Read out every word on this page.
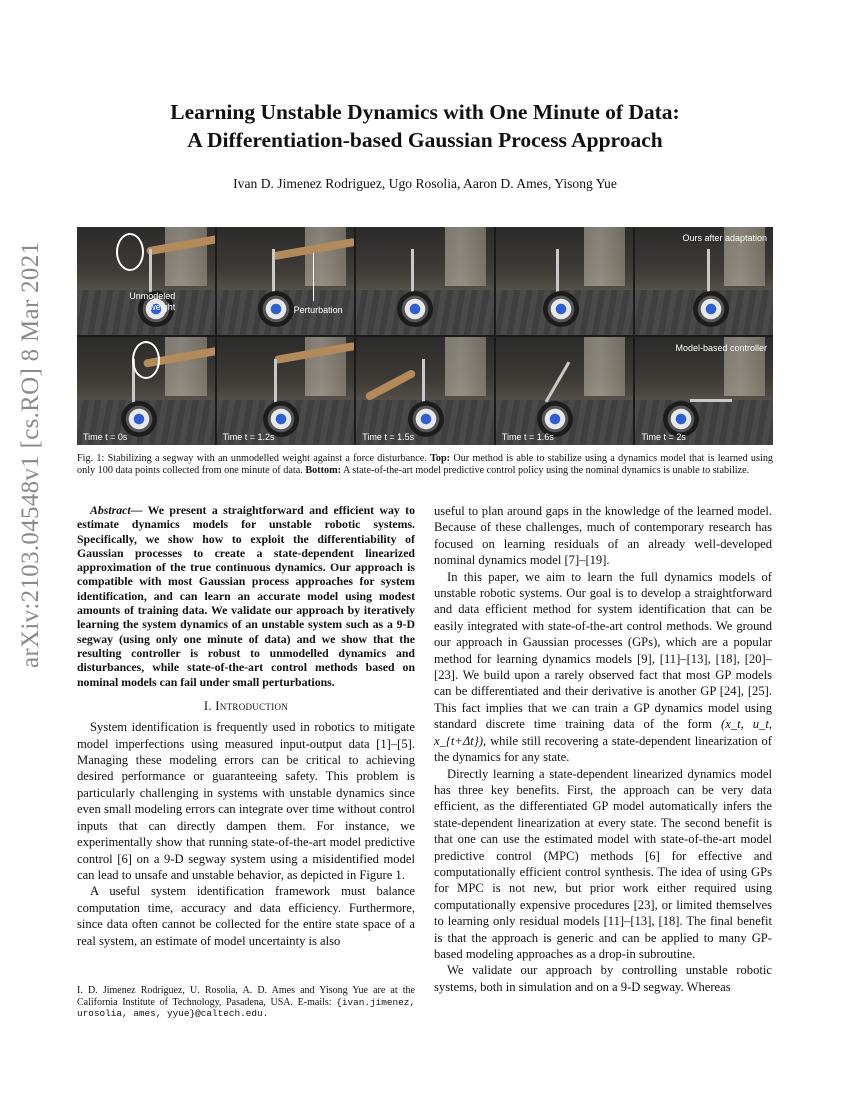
arXiv:2103.04548v1 [cs.RO] 8 Mar 2021
Learning Unstable Dynamics with One Minute of Data:
A Differentiation-based Gaussian Process Approach
Ivan D. Jimenez Rodriguez, Ugo Rosolia, Aaron D. Ames, Yisong Yue
Unmodeled
weight	Perturbation
Ours after adaptation
Time t = 0s	Time t = 1.2s	Time t = 1.5s	Time t = 1.6s
Model-based controller
Time t = 2s
Fig. 1: Stabilizing a segway with an unmodelled weight against a force disturbance. Top: Our method is able to stabilize using a dynamics model that is learned using only 100 data points collected from one minute of data. Bottom: A state-of-the-art model predictive control policy using the nominal dynamics is unable to stabilize.

Abstract— We present a straightforward and efficient way to estimate dynamics models for unstable robotic systems. Specifically, we show how to exploit the differentiability of Gaussian processes to create a state-dependent linearized approximation of the true continuous dynamics. Our approach is compatible with most Gaussian process approaches for system identification, and can learn an accurate model using modest amounts of training data. We validate our approach by iteratively learning the system dynamics of an unstable system such as a 9-D segway (using only one minute of data) and we show that the resulting controller is robust to unmodelled dynamics and disturbances, while state-of-the-art control methods based on nominal models can fail under small perturbations.

I. Introduction

System identification is frequently used in robotics to mitigate model imperfections using measured input-output data [1]–[5]. Managing these modeling errors can be critical to achieving desired performance or guaranteeing safety. This problem is particularly challenging in systems with unstable dynamics since even small modeling errors can integrate over time without control inputs that can directly dampen them. For instance, we experimentally show that running state-of-the-art model predictive control [6] on a 9-D segway system using a misidentified model can lead to unsafe and unstable behavior, as depicted in Figure 1.

A useful system identification framework must balance computation time, accuracy and data efficiency. Furthermore, since data often cannot be collected for the entire state space of a real system, an estimate of model uncertainty is also

I. D. Jimenez Rodriguez, U. Rosolia, A. D. Ames and Yisong Yue are at the California Institute of Technology, Pasadena, USA. E-mails: {ivan.jimenez, urosolia, ames, yyue}@caltech.edu.

useful to plan around gaps in the knowledge of the learned model. Because of these challenges, much of contemporary research has focused on learning residuals of an already well-developed nominal dynamics model [7]–[19].

In this paper, we aim to learn the full dynamics models of unstable robotic systems. Our goal is to develop a straightforward and data efficient method for system identification that can be easily integrated with state-of-the-art control methods. We ground our approach in Gaussian processes (GPs), which are a popular method for learning dynamics models [9], [11]–[13], [18], [20]–[23]. We build upon a rarely observed fact that most GP models can be differentiated and their derivative is another GP [24], [25]. This fact implies that we can train a GP dynamics model using standard discrete time training data of the form (x_t, u_t, x_{t+Δt}), while still recovering a state-dependent linearization of the dynamics for any state.

Directly learning a state-dependent linearized dynamics model has three key benefits. First, the approach can be very data efficient, as the differentiated GP model automatically infers the state-dependent linearization at every state. The second benefit is that one can use the estimated model with state-of-the-art model predictive control (MPC) methods [6] for effective and computationally efficient control synthesis. The idea of using GPs for MPC is not new, but prior work either required using computationally expensive procedures [23], or limited themselves to learning only residual models [11]–[13], [18]. The final benefit is that the approach is generic and can be applied to many GP-based modeling approaches as a drop-in subroutine.

We validate our approach by controlling unstable robotic systems, both in simulation and on a 9-D segway. Whereas
